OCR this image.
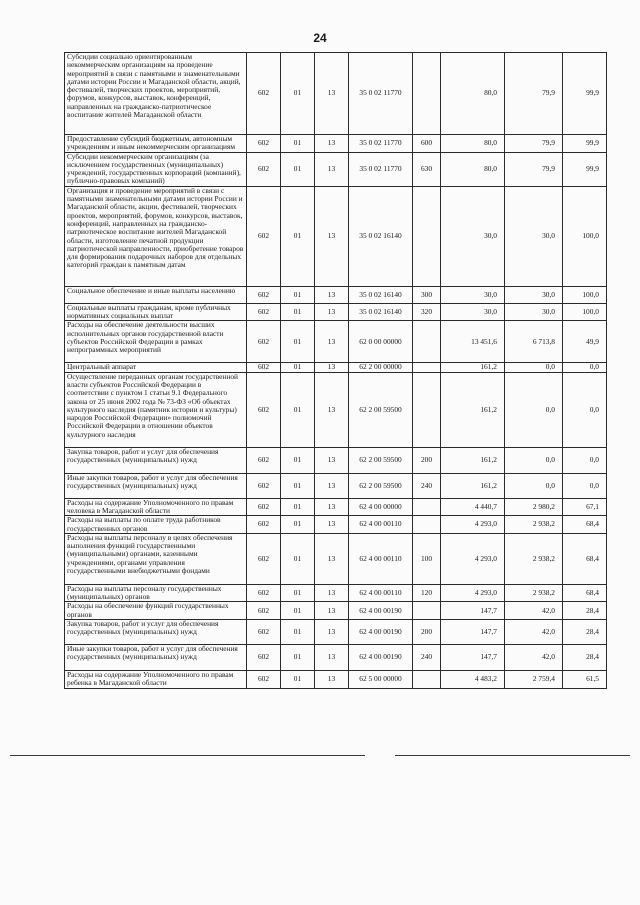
24
Субсидии социально ориентированным некоммерческим организациям на проведение мероприятий в связи с памятными и знаменательными датами истории России и Магаданской области, акций, фестивалей, творческих проектов, мероприятий, форумов, конкурсов, выставок, конференций, направленных на гражданско-патриотическое воспитание жителей Магаданской области	602	01	13	35 0 02 11770		80,0	79,9	99,9
Предоставление субсидий бюджетным, автономным учреждениям и иным некоммерческим организациям	602	01	13	35 0 02 11770	600	80,0	79,9	99,9
Субсидии некоммерческим организациям (за исключением государственных (муниципальных) учреждений, государственных корпораций (компаний), публично-правовых компаний)	602	01	13	35 0 02 11770	630	80,0	79,9	99,9
Организация и проведение мероприятий в связи с памятными знаменательными датами истории России и Магаданской области, акции, фестивалей, творческих проектов, мероприятий, форумов, конкурсов, выставок, конференций, направленных на гражданско-патриотическое воспитание жителей Магаданской области, изготовление печатной продукции патриотической направленности, приобретение товаров для формирования подарочных наборов для отдельных категорий граждан к памятным датам	602	01	13	35 0 02 16140		30,0	30,0	100,0
Социальное обеспечение и иные выплаты населению	602	01	13	35 0 02 16140	300	30,0	30,0	100,0
Социальные выплаты гражданам, кроме публичных нормативных социальных выплат	602	01	13	35 0 02 16140	320	30,0	30,0	100,0
Расходы на обеспечение деятельности высших исполнительных органов государственной власти субъектов Российской Федерации в рамках непрограммных мероприятий	602	01	13	62 0 00 00000		13 451,6	6 713,8	49,9
Центральный аппарат	602	01	13	62 2 00 00000		161,2	0,0	0,0
Осуществление переданных органам государственной власти субъектов Российской Федерации в соответствии с пунктом 1 статьи 9.1 Федерального закона от 25 июня 2002 года № 73-ФЗ «Об объектах культурного наследия (памятник истории и культуры) народов Российской Федерации» полномочий Российской Федерации в отношении объектов культурного наследия	602	01	13	62 2 00 59500		161,2	0,0	0,0
Закупка товаров, работ и услуг для обеспечения государственных (муниципальных) нужд	602	01	13	62 2 00 59500	200	161,2	0,0	0,0
Иные закупки товаров, работ и услуг для обеспечения государственных (муниципальных) нужд	602	01	13	62 2 00 59500	240	161,2	0,0	0,0
Расходы на содержание Уполномоченного по правам человека в Магаданской области	602	01	13	62 4 00 00000		4 440,7	2 980,2	67,1
Расходы на выплаты по оплате труда работников государственных органов	602	01	13	62 4 00 00110		4 293,0	2 938,2	68,4
Расходы на выплаты персоналу в целях обеспечения выполнения функций государственными (муниципальными) органами, казенными учреждениями, органами управления государственными внебюджетными фондами	602	01	13	62 4 00 00110	100	4 293,0	2 938,2	68,4
Расходы на выплаты персоналу государственных (муниципальных) органов	602	01	13	62 4 00 00110	120	4 293,0	2 938,2	68,4
Расходы на обеспечение функций государственных органов	602	01	13	62 4 00 00190		147,7	42,0	28,4
Закупка товаров, работ и услуг для обеспечения государственных (муниципальных) нужд	602	01	13	62 4 00 00190	200	147,7	42,0	28,4
Иные закупки товаров, работ и услуг для обеспечения государственных (муниципальных) нужд	602	01	13	62 4 00 00190	240	147,7	42,0	28,4
Расходы на содержание Уполномоченного по правам ребенка в Магаданской области	602	01	13	62 5 00 00000		4 483,2	2 759,4	61,5
